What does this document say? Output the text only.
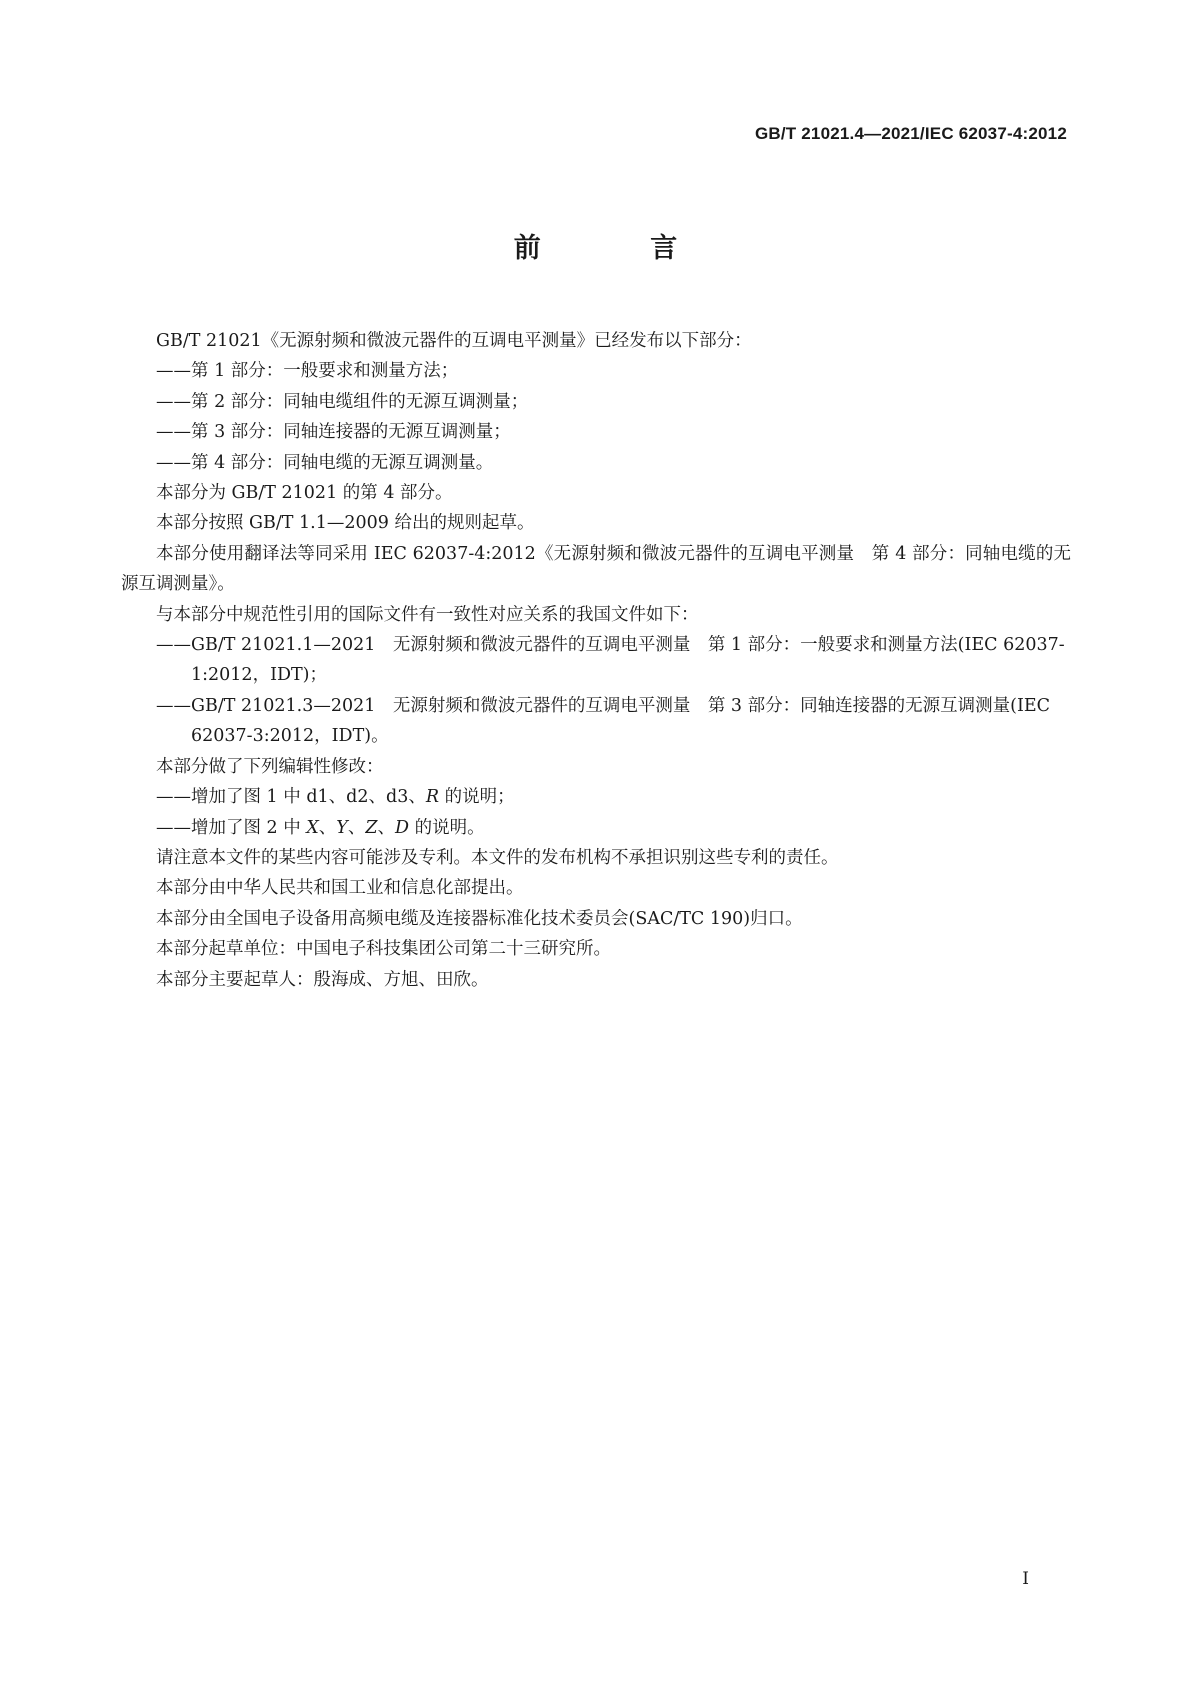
GB/T 21021.4—2021/IEC 62037-4:2012
前 言

GB/T 21021《无源射频和微波元器件的互调电平测量》已经发布以下部分：

——第 1 部分：一般要求和测量方法；

——第 2 部分：同轴电缆组件的无源互调测量；

——第 3 部分：同轴连接器的无源互调测量；

——第 4 部分：同轴电缆的无源互调测量。

本部分为 GB/T 21021 的第 4 部分。

本部分按照 GB/T 1.1—2009 给出的规则起草。

本部分使用翻译法等同采用 IEC 62037-4:2012《无源射频和微波元器件的互调电平测量　第 4 部分：同轴电缆的无源互调测量》。

与本部分中规范性引用的国际文件有一致性对应关系的我国文件如下：

——GB/T 21021.1—2021　无源射频和微波元器件的互调电平测量　第 1 部分：一般要求和测量方法(IEC 62037-1:2012，IDT)；

——GB/T 21021.3—2021　无源射频和微波元器件的互调电平测量　第 3 部分：同轴连接器的无源互调测量(IEC 62037-3:2012，IDT)。

本部分做了下列编辑性修改：

——增加了图 1 中 d1、d2、d3、R 的说明；

——增加了图 2 中 X、Y、Z、D 的说明。

请注意本文件的某些内容可能涉及专利。本文件的发布机构不承担识别这些专利的责任。

本部分由中华人民共和国工业和信息化部提出。

本部分由全国电子设备用高频电缆及连接器标准化技术委员会(SAC/TC 190)归口。

本部分起草单位：中国电子科技集团公司第二十三研究所。

本部分主要起草人：殷海成、方旭、田欣。

I
